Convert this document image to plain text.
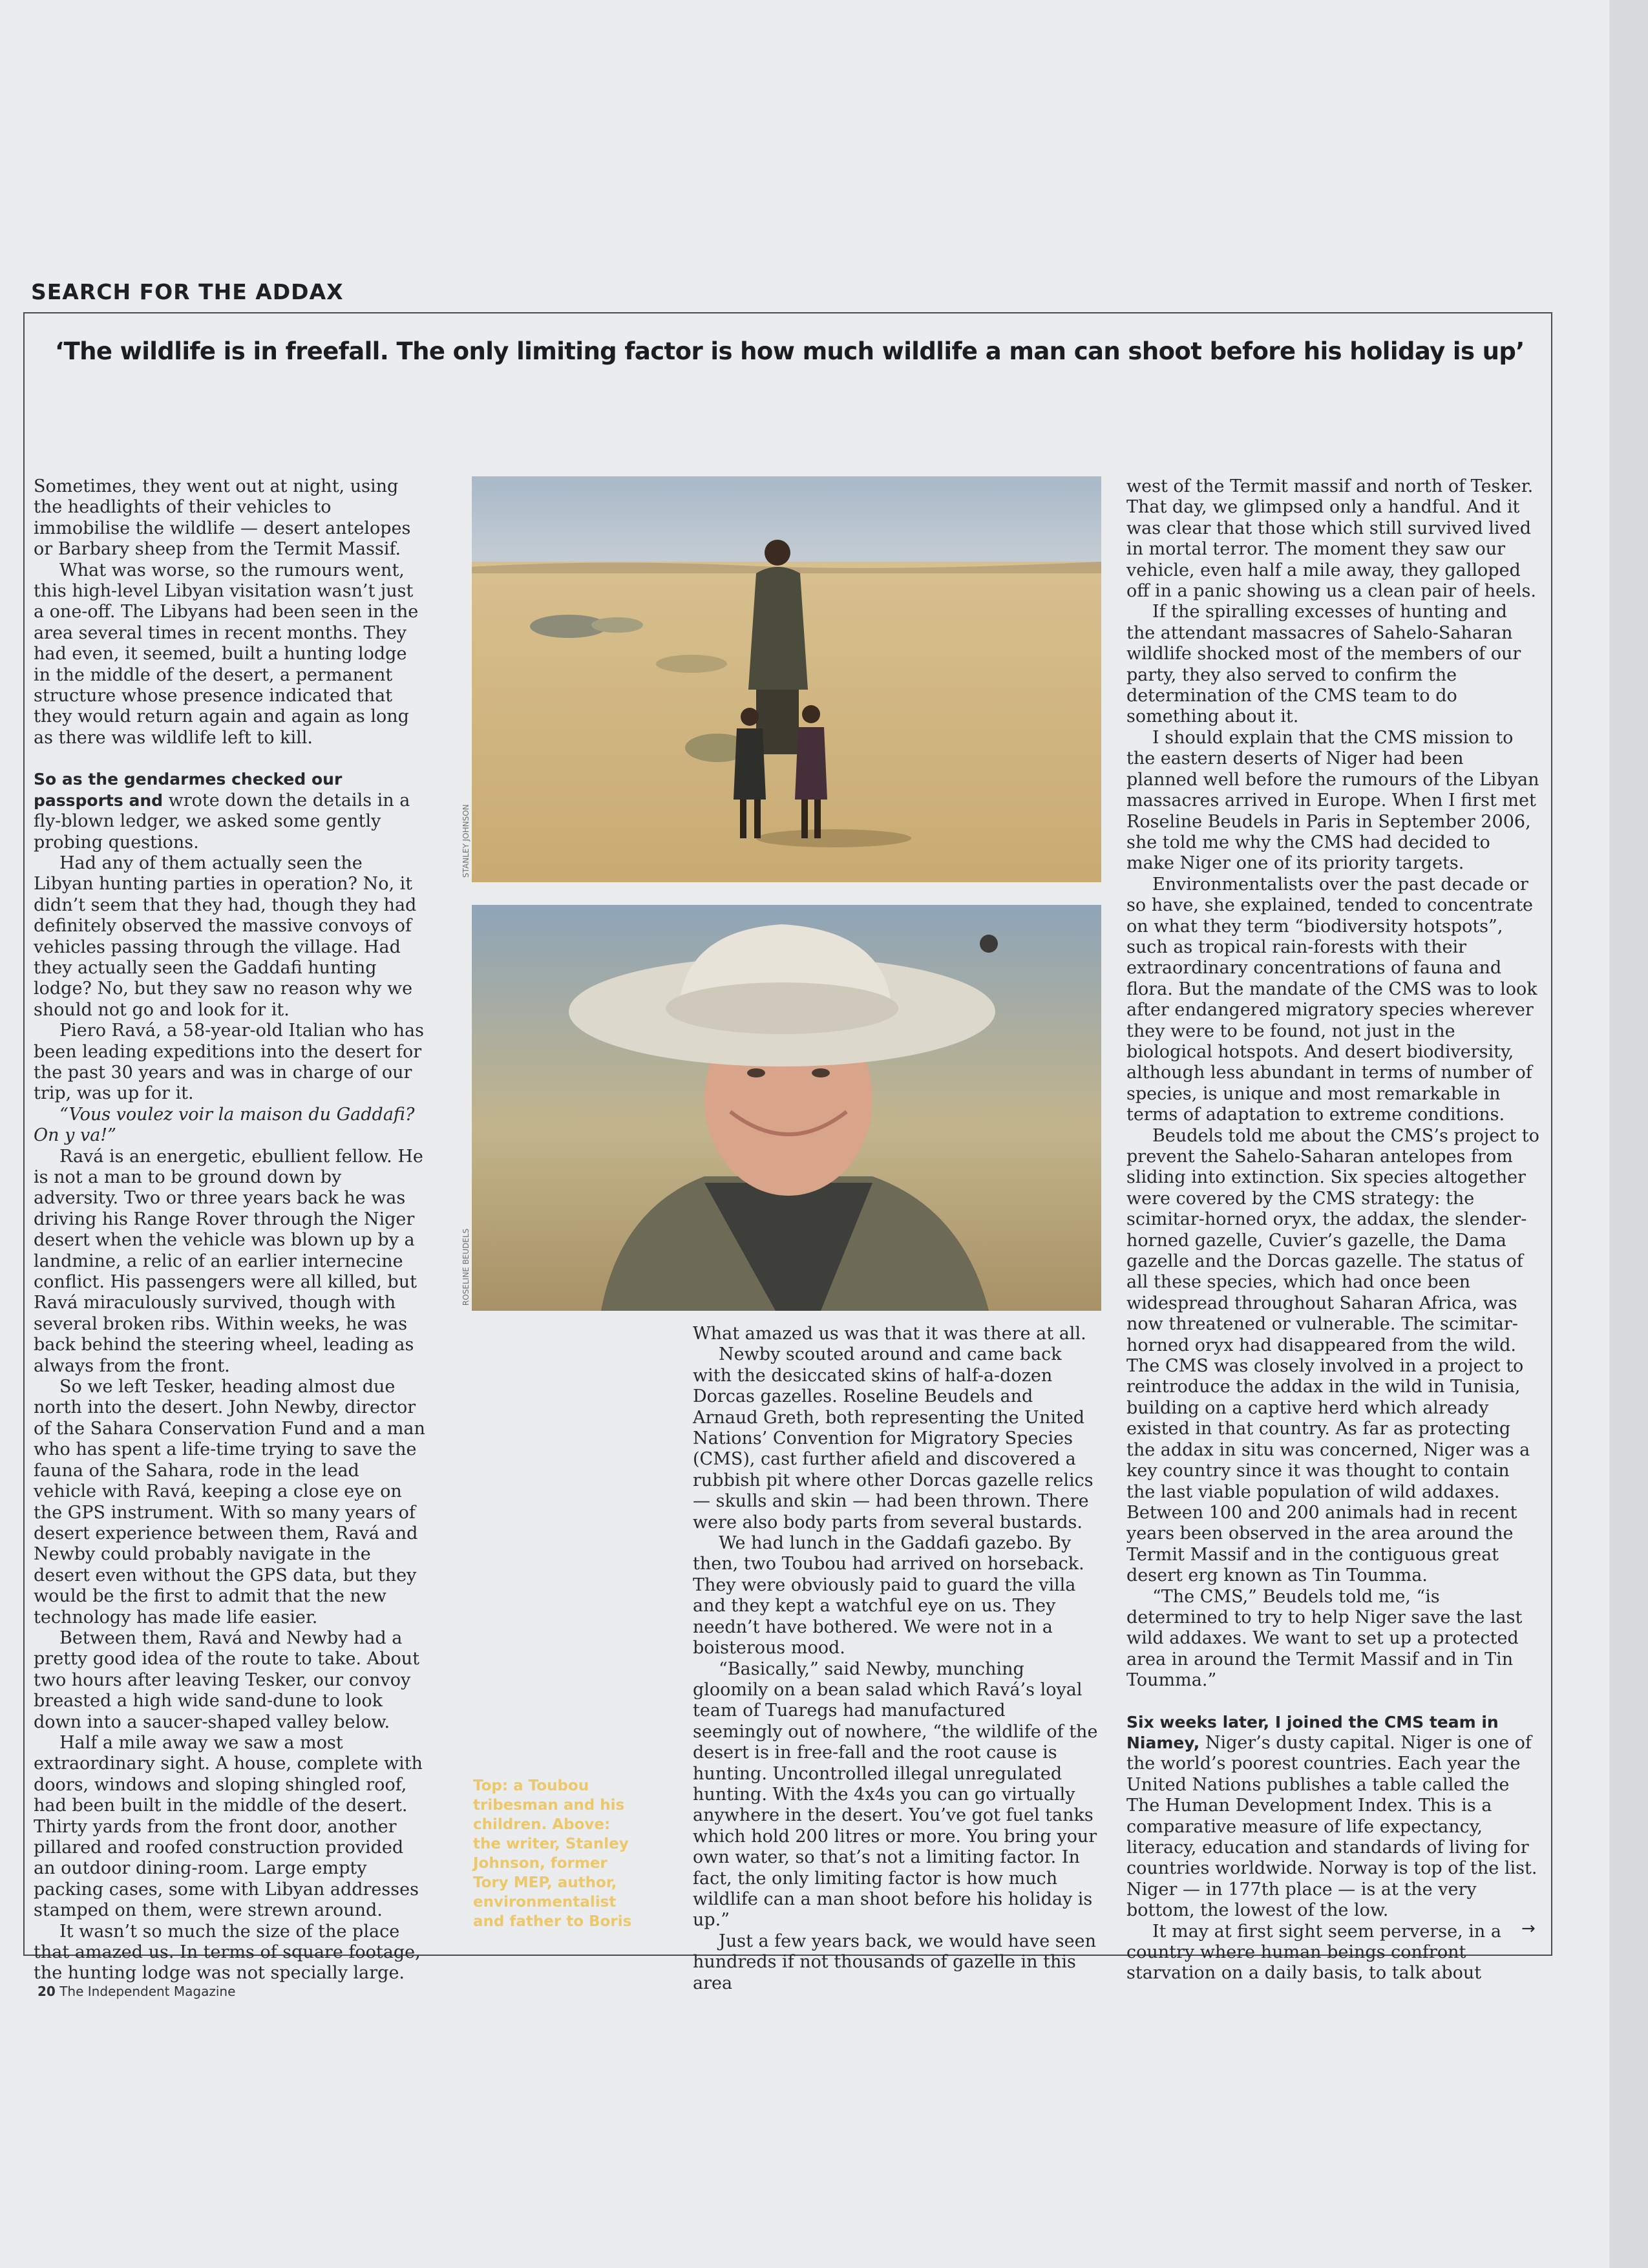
SEARCH FOR THE ADDAX
‘The wildlife is in freefall. The only limiting factor is how much wildlife a man can shoot before his holiday is up’

Sometimes, they went out at night, using the headlights of their vehicles to immobilise the wildlife — desert antelopes or Barbary sheep from the Termit Massif.

What was worse, so the rumours went, this high-level Libyan visitation wasn’t just a one-off. The Libyans had been seen in the area several times in recent months. They had even, it seemed, built a hunting lodge in the middle of the desert, a permanent structure whose presence indicated that they would return again and again as long as there was wildlife left to kill.

So as the gendarmes checked our passports and wrote down the details in a fly-blown ledger, we asked some gently probing questions.

Had any of them actually seen the Libyan hunting parties in operation? No, it didn’t seem that they had, though they had definitely observed the massive convoys of vehicles passing through the village. Had they actually seen the Gaddafi hunting lodge? No, but they saw no reason why we should not go and look for it.

Piero Ravá, a 58-year-old Italian who has been leading expeditions into the desert for the past 30 years and was in charge of our trip, was up for it.

“Vous voulez voir la maison du Gaddafi? On y va!”

Ravá is an energetic, ebullient fellow. He is not a man to be ground down by adversity. Two or three years back he was driving his Range Rover through the Niger desert when the vehicle was blown up by a landmine, a relic of an earlier internecine conflict. His passengers were all killed, but Ravá miraculously survived, though with several broken ribs. Within weeks, he was back behind the steering wheel, leading as always from the front.

So we left Tesker, heading almost due north into the desert. John Newby, director of the Sahara Conservation Fund and a man who has spent a life-time trying to save the fauna of the Sahara, rode in the lead vehicle with Ravá, keeping a close eye on the GPS instrument. With so many years of desert experience between them, Ravá and Newby could probably navigate in the desert even without the GPS data, but they would be the first to admit that the new technology has made life easier.

Between them, Ravá and Newby had a pretty good idea of the route to take. About two hours after leaving Tesker, our convoy breasted a high wide sand-dune to look down into a saucer-shaped valley below.

Half a mile away we saw a most extraordinary sight. A house, complete with doors, windows and sloping shingled roof, had been built in the middle of the desert. Thirty yards from the front door, another pillared and roofed construction provided an outdoor dining-room. Large empty packing cases, some with Libyan addresses stamped on them, were strewn around.

It wasn’t so much the size of the place that amazed us. In terms of square footage, the hunting lodge was not specially large.

STANLEY JOHNSON
ROSELINE BEUDELS
Top: a Toubou tribesman and his children. Above: the writer, Stanley Johnson, former Tory MEP, author, environmentalist and father to Boris

What amazed us was that it was there at all.

Newby scouted around and came back with the desiccated skins of half-a-dozen Dorcas gazelles. Roseline Beudels and Arnaud Greth, both representing the United Nations’ Convention for Migratory Species (CMS), cast further afield and discovered a rubbish pit where other Dorcas gazelle relics — skulls and skin — had been thrown. There were also body parts from several bustards.

We had lunch in the Gaddafi gazebo. By then, two Toubou had arrived on horseback. They were obviously paid to guard the villa and they kept a watchful eye on us. They needn’t have bothered. We were not in a boisterous mood.

“Basically,” said Newby, munching gloomily on a bean salad which Ravá’s loyal team of Tuaregs had manufactured seemingly out of nowhere, “the wildlife of the desert is in free-fall and the root cause is hunting. Uncontrolled illegal unregulated hunting. With the 4x4s you can go virtually anywhere in the desert. You’ve got fuel tanks which hold 200 litres or more. You bring your own water, so that’s not a limiting factor. In fact, the only limiting factor is how much wildlife can a man shoot before his holiday is up.”

Just a few years back, we would have seen hundreds if not thousands of gazelle in this area

west of the Termit massif and north of Tesker. That day, we glimpsed only a handful. And it was clear that those which still survived lived in mortal terror. The moment they saw our vehicle, even half a mile away, they galloped off in a panic showing us a clean pair of heels.

If the spiralling excesses of hunting and the attendant massacres of Sahelo-Saharan wildlife shocked most of the members of our party, they also served to confirm the determination of the CMS team to do something about it.

I should explain that the CMS mission to the eastern deserts of Niger had been planned well before the rumours of the Libyan massacres arrived in Europe. When I first met Roseline Beudels in Paris in September 2006, she told me why the CMS had decided to make Niger one of its priority targets.

Environmentalists over the past decade or so have, she explained, tended to concentrate on what they term “biodiversity hotspots”, such as tropical rain-forests with their extraordinary concentrations of fauna and flora. But the mandate of the CMS was to look after endangered migratory species wherever they were to be found, not just in the biological hotspots. And desert biodiversity, although less abundant in terms of number of species, is unique and most remarkable in terms of adaptation to extreme conditions.

Beudels told me about the CMS’s project to prevent the Sahelo-Saharan antelopes from sliding into extinction. Six species altogether were covered by the CMS strategy: the scimitar-horned oryx, the addax, the slender-horned gazelle, Cuvier’s gazelle, the Dama gazelle and the Dorcas gazelle. The status of all these species, which had once been widespread throughout Saharan Africa, was now threatened or vulnerable. The scimitar-horned oryx had disappeared from the wild. The CMS was closely involved in a project to reintroduce the addax in the wild in Tunisia, building on a captive herd which already existed in that country. As far as protecting the addax in situ was concerned, Niger was a key country since it was thought to contain the last viable population of wild addaxes. Between 100 and 200 animals had in recent years been observed in the area around the Termit Massif and in the contiguous great desert erg known as Tin Toumma.

“The CMS,” Beudels told me, “is determined to try to help Niger save the last wild addaxes. We want to set up a protected area in around the Termit Massif and in Tin Toumma.”

Six weeks later, I joined the CMS team in Niamey, Niger’s dusty capital. Niger is one of the world’s poorest countries. Each year the United Nations publishes a table called the The Human Development Index. This is a comparative measure of life expectancy, literacy, education and standards of living for countries worldwide. Norway is top of the list. Niger — in 177th place — is at the very bottom, the lowest of the low.

It may at first sight seem perverse, in a country where human beings confront starvation on a daily basis, to talk about

→
20 The Independent Magazine
